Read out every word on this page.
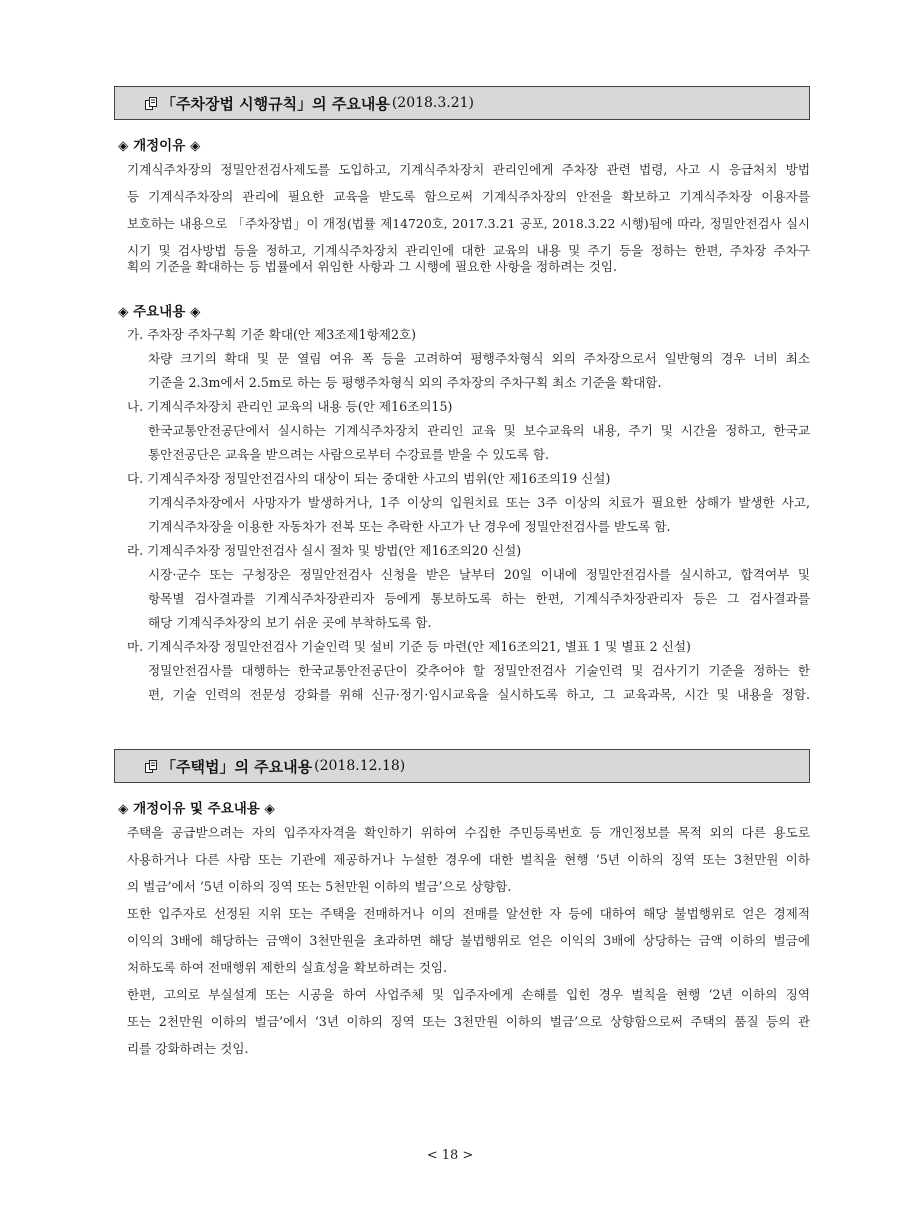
「주차장법 시행규칙」의 주요내용 (2018.3.21)
◈ 개정이유 ◈
기계식주차장의 정밀안전검사제도를 도입하고, 기계식주차장치 관리인에게 주차장 관련 법령, 사고 시 응급처치 방법
등 기계식주차장의 관리에 필요한 교육을 받도록 함으로써 기계식주차장의 안전을 확보하고 기계식주차장 이용자를
보호하는 내용으로 「주차장법」이 개정(법률 제14720호, 2017.3.21 공포, 2018.3.22 시행)됨에 따라, 정밀안전검사 실시
시기 및 검사방법 등을 정하고, 기계식주차장치 관리인에 대한 교육의 내용 및 주기 등을 정하는 한편, 주차장 주차구
획의 기준을 확대하는 등 법률에서 위임한 사항과 그 시행에 필요한 사항을 정하려는 것임.
◈ 주요내용 ◈
가. 주차장 주차구획 기준 확대(안 제3조제1항제2호)
차량 크기의 확대 및 문 열림 여유 폭 등을 고려하여 평행주차형식 외의 주차장으로서 일반형의 경우 너비 최소
기준을 2.3m에서 2.5m로 하는 등 평행주차형식 외의 주차장의 주차구획 최소 기준을 확대함.
나. 기계식주차장치 관리인 교육의 내용 등(안 제16조의15)
한국교통안전공단에서 실시하는 기계식주차장치 관리인 교육 및 보수교육의 내용, 주기 및 시간을 정하고, 한국교
통안전공단은 교육을 받으려는 사람으로부터 수강료를 받을 수 있도록 함.
다. 기계식주차장 정밀안전검사의 대상이 되는 중대한 사고의 범위(안 제16조의19 신설)
기계식주차장에서 사망자가 발생하거나, 1주 이상의 입원치료 또는 3주 이상의 치료가 필요한 상해가 발생한 사고,
기계식주차장을 이용한 자동차가 전복 또는 추락한 사고가 난 경우에 정밀안전검사를 받도록 함.
라. 기계식주차장 정밀안전검사 실시 절차 및 방법(안 제16조의20 신설)
시장·군수 또는 구청장은 정밀안전검사 신청을 받은 날부터 20일 이내에 정밀안전검사를 실시하고, 합격여부 및
항목별 검사결과를 기계식주차장관리자 등에게 통보하도록 하는 한편, 기계식주차장관리자 등은 그 검사결과를
해당 기계식주차장의 보기 쉬운 곳에 부착하도록 함.
마. 기계식주차장 정밀안전검사 기술인력 및 설비 기준 등 마련(안 제16조의21, 별표 1 및 별표 2 신설)
정밀안전검사를 대행하는 한국교통안전공단이 갖추어야 할 정밀안전검사 기술인력 및 검사기기 기준을 정하는 한
편, 기술 인력의 전문성 강화를 위해 신규·정기·임시교육을 실시하도록 하고, 그 교육과목, 시간 및 내용을 정함.
「주택법」의 주요내용 (2018.12.18)
◈ 개정이유 및 주요내용 ◈
주택을 공급받으려는 자의 입주자자격을 확인하기 위하여 수집한 주민등록번호 등 개인정보를 목적 외의 다른 용도로
사용하거나 다른 사람 또는 기관에 제공하거나 누설한 경우에 대한 벌칙을 현행 ‘5년 이하의 징역 또는 3천만원 이하
의 벌금’에서 ‘5년 이하의 징역 또는 5천만원 이하의 벌금’으로 상향함.
또한 입주자로 선정된 지위 또는 주택을 전매하거나 이의 전매를 알선한 자 등에 대하여 해당 불법행위로 얻은 경제적
이익의 3배에 해당하는 금액이 3천만원을 초과하면 해당 불법행위로 얻은 이익의 3배에 상당하는 금액 이하의 벌금에
처하도록 하여 전매행위 제한의 실효성을 확보하려는 것임.
한편, 고의로 부실설계 또는 시공을 하여 사업주체 및 입주자에게 손해를 입힌 경우 벌칙을 현행 ‘2년 이하의 징역
또는 2천만원 이하의 벌금’에서 ‘3년 이하의 징역 또는 3천만원 이하의 벌금’으로 상향함으로써 주택의 품질 등의 관
리를 강화하려는 것임.
< 18 >
